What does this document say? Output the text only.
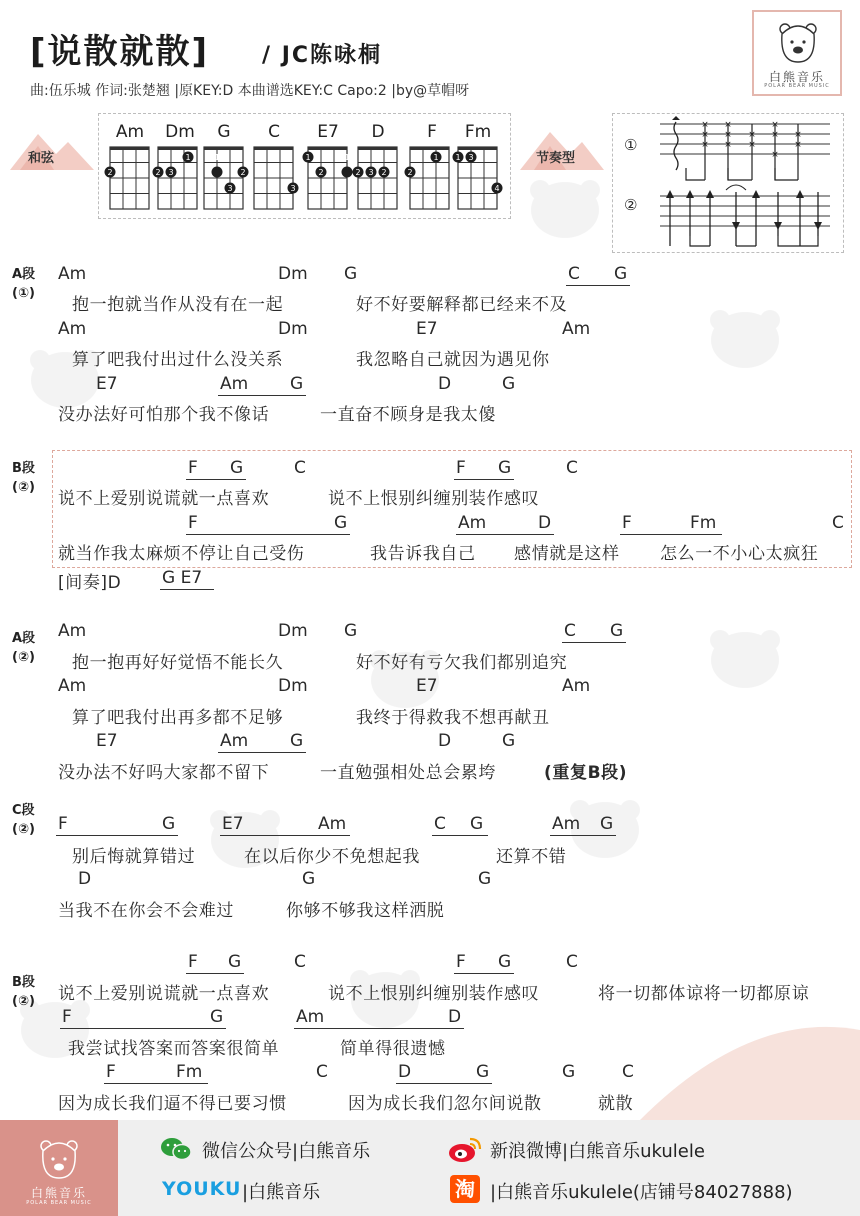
[说散就散] / JC陈咏桐
曲:伍乐城 作词:张楚翘 |原KEY:D 本曲谱选KEY:C Capo:2 |by@草帽呀
白熊音乐
POLAR BEAR MUSIC
和弦
Am	Dm	G	C	E7	D	F	Fm
2
1
2 3
1
2
3	3
1
2
1
2 3 2
1 1
2
3
4
节奏型
①
②
×
×
×
×
×
×
×
×
×
×
×
×
×
A段
(①)
Am	Dm G	C G
抱一抱就当作从没有在一起	好不好要解释都已经来不及
Am	Dm	E7	Am
算了吧我付出过什么没关系	我忽略自己就因为遇见你
E7	Am G	D	G
没办法好可怕那个我不像话	一直奋不顾身是我太傻
B段
(②)
F G	C	F G	C
说不上爱别说谎就一点喜欢	说不上恨别纠缠别装作感叹
F	G	Am	D	F	Fm	C
就当作我太麻烦不停让自己受伤	我告诉我自己 感情就是这样 怎么一不小心太疯狂
[间奏]D G E7
A段
(②)
Am	Dm G	C G
抱一抱再好好觉悟不能长久	好不好有亏欠我们都别追究
Am	Dm	E7	Am
算了吧我付出再多都不足够	我终于得救我不想再献丑
E7	Am G	D	G
没办法不好吗大家都不留下	一直勉强相处总会累垮	(重复B段)
C段
(②) F	G	E7	Am	C G	Am G
别后悔就算错过	在以后你少不免想起我	还算不错
D	G	G
当我不在你会不会难过	你够不够我这样洒脱
B段
(②)
F G	C	F G	C
说不上爱别说谎就一点喜欢	说不上恨别纠缠别装作感叹	将一切都体谅将一切都原谅
F	G	Am	D
我尝试找答案而答案很简单	简单得很遗憾
F	Fm	C	D	G	G	C
因为成长我们逼不得已要习惯	因为成长我们忽尔间说散	就散
白熊音乐
POLAR BEAR MUSIC
微信公众号|白熊音乐	新浪微博|白熊音乐ukulele
YOUKU |白熊音乐	淘 |白熊音乐ukulele(店铺号84027888)
